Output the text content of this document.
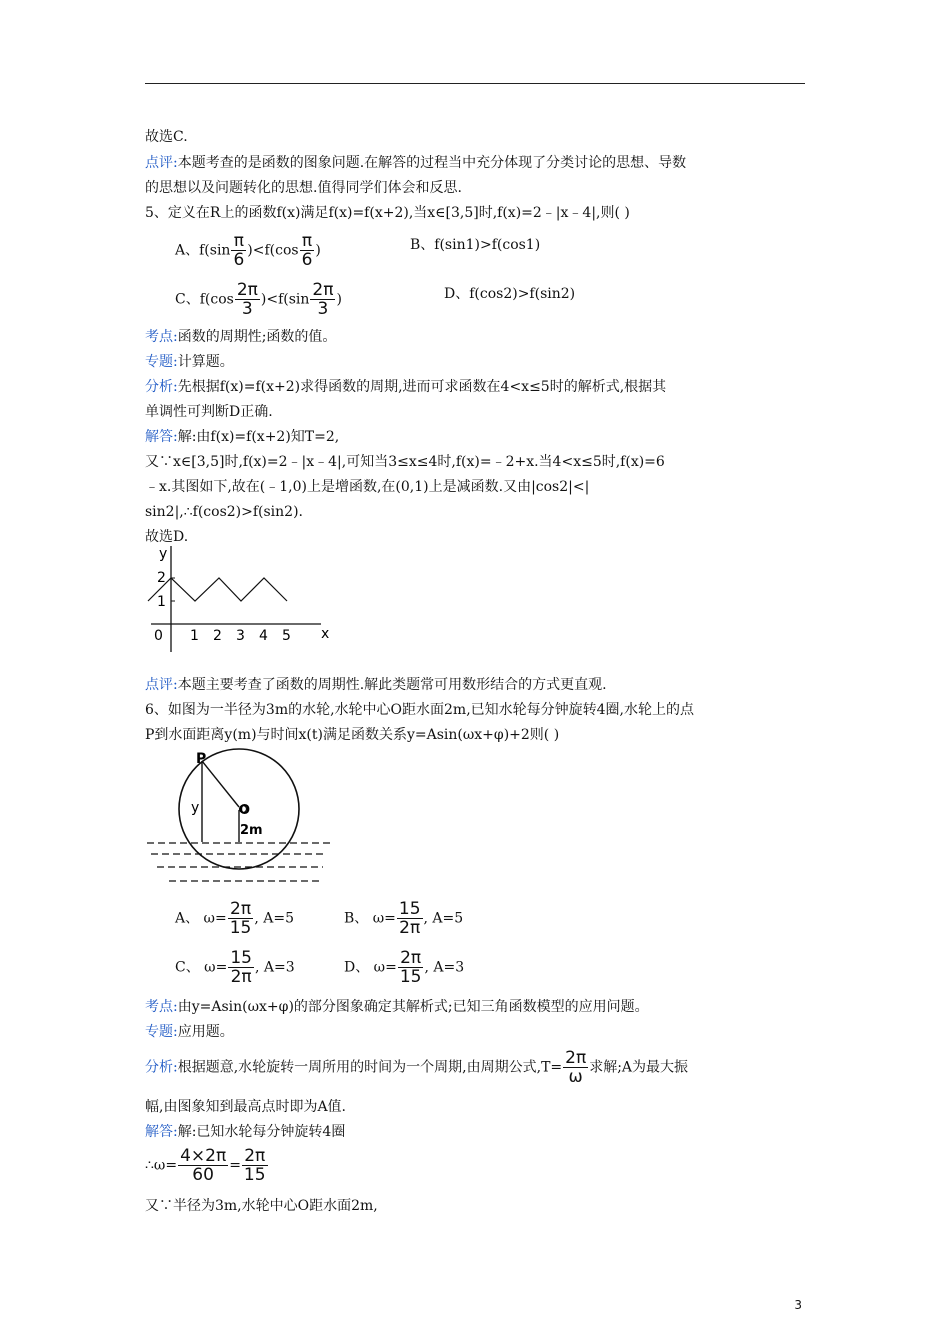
故选C.
点评:本题考查的是函数的图象问题.在解答的过程当中充分体现了分类讨论的思想、导数
的思想以及问题转化的思想.值得同学们体会和反思.
5、定义在R上的函数f(x)满足f(x)=f(x+2),当x∈[3,5]时,f(x)=2﹣|x﹣4|,则( )
A、$f(\sin \frac{\pi}{6} )<f(\cos \frac{\pi}{6}$ )	B、f(sin1)>f(cos1)
C、$f(\cos \frac{2\pi}{3} )<f(\sin \frac{2\pi}{3}$ )	D、f(cos2)>f(sin2)
考点:函数的周期性;函数的值。
专题:计算题。
分析:先根据f(x)=f(x+2)求得函数的周期,进而可求函数在4<x≤5时的解析式,根据其
单调性可判断D正确.
解答:解:由f(x)=f(x+2)知T=2,
又∵x∈[3,5]时,f(x)=2﹣|x﹣4|,可知当3≤x≤4时,f(x)=﹣2+x.当4<x≤5时,f(x)=6
﹣x.其图如下,故在(﹣1,0)上是增函数,在(0,1)上是减函数.又由|cos2|<|
sin2|,∴f(cos2)>f(sin2).
故选D.
y
2
1
0 1 2 3 4 5 x
点评:本题主要考查了函数的周期性.解此类题常可用数形结合的方式更直观.
6、如图为一半径为3m的水轮,水轮中心O距水面2m,已知水轮每分钟旋转4圈,水轮上的点
P到水面距离y(m)与时间x(t)满足函数关系y=Asin(ωx+φ)+2则( )
P
O
y
2m
A、 $\omega= \frac{2\pi}{15}$ , A=5	B、 $\omega= \frac{15}{2\pi}$ , A=5
C、 $\omega= \frac{15}{2\pi}$ , A=3	D、 $\omega= \frac{2\pi}{15}$ , A=3
考点:由y=Asin(ωx+φ)的部分图象确定其解析式;已知三角函数模型的应用问题。
专题:应用题。
分析:根据题意,水轮旋转一周所用的时间为一个周期,由周期公式$,T= \frac{2\pi}{\omega}$ 求解;A为最大振
幅,由图象知到最高点时即为A值.
解答:解:已知水轮每分钟旋转4圈
∴ω= $\frac{4\times 2\pi}{60} = \frac{2\pi}{15}$
又∵半径为3m,水轮中心O距水面2m,
3
